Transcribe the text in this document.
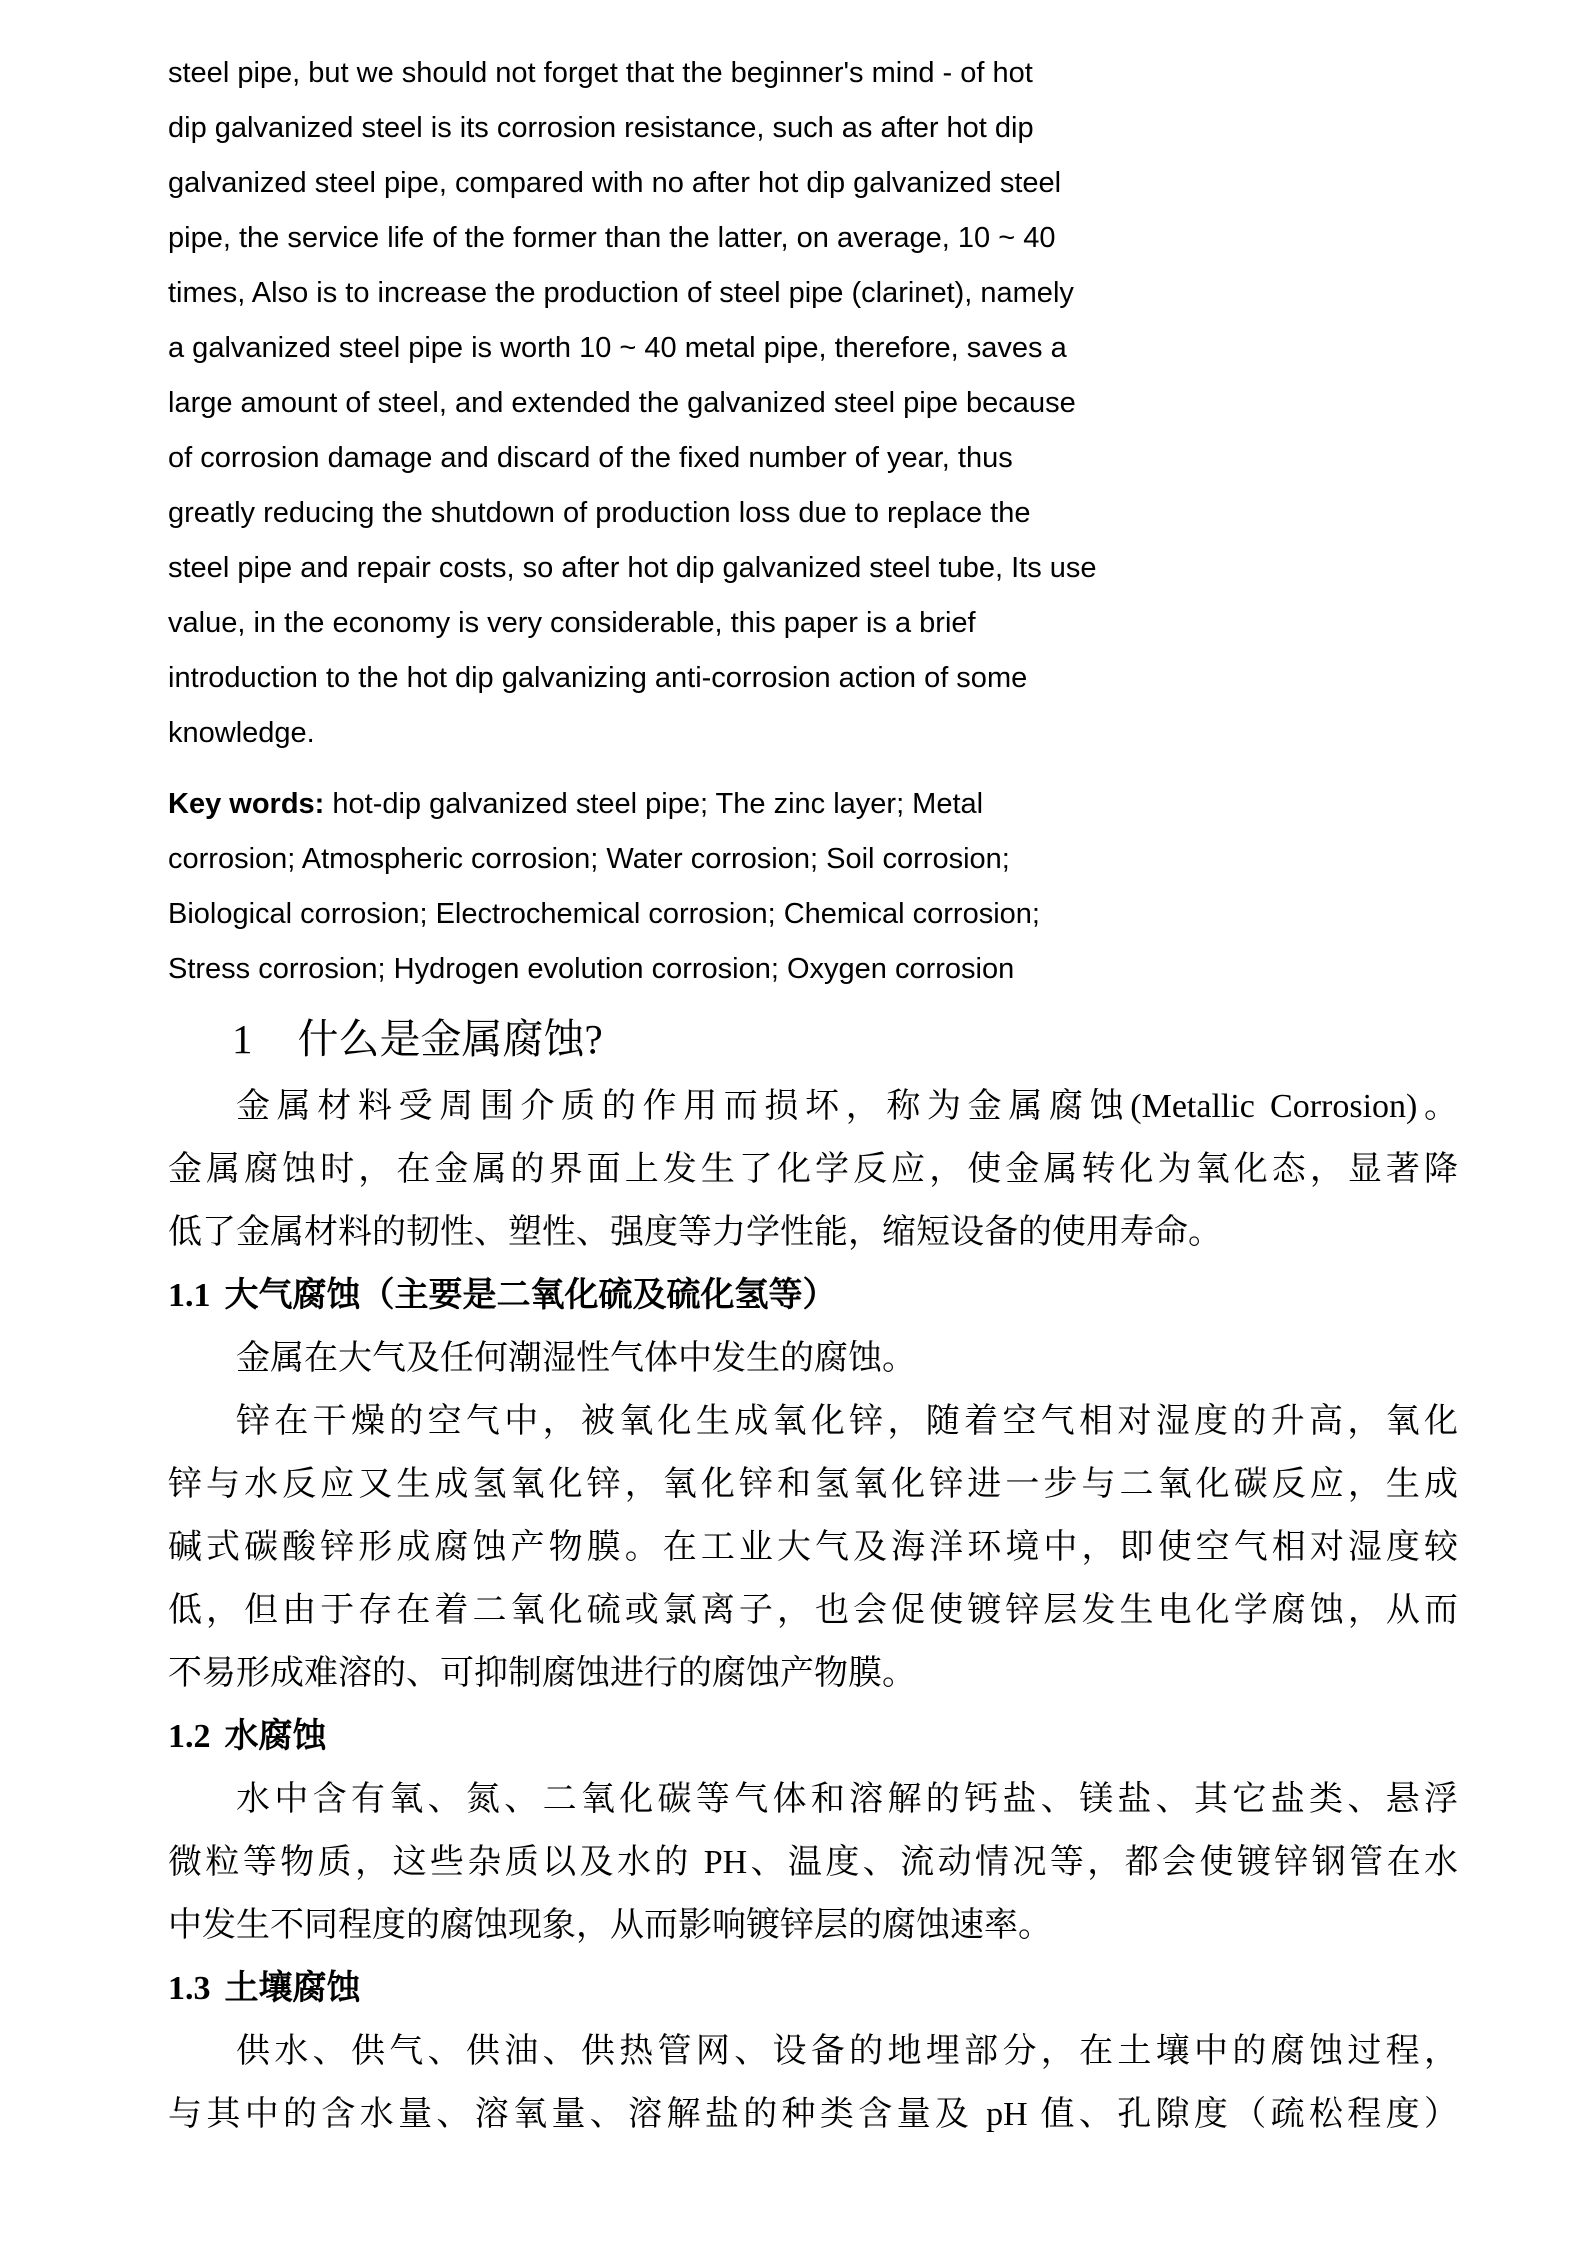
steel pipe, but we should not forget that the beginner's mind - of hot
dip galvanized steel is its corrosion resistance, such as after hot dip
galvanized steel pipe, compared with no after hot dip galvanized steel
pipe, the service life of the former than the latter, on average, 10 ~ 40
times, Also is to increase the production of steel pipe (clarinet), namely
a galvanized steel pipe is worth 10 ~ 40 metal pipe, therefore, saves a
large amount of steel, and extended the galvanized steel pipe because
of corrosion damage and discard of the fixed number of year, thus
greatly reducing the shutdown of production loss due to replace the
steel pipe and repair costs, so after hot dip galvanized steel tube, Its use
value, in the economy is very considerable, this paper is a brief
introduction to the hot dip galvanizing anti-corrosion action of some
knowledge.
Key words: hot-dip galvanized steel pipe; The zinc layer; Metal
corrosion; Atmospheric corrosion; Water corrosion; Soil corrosion;
Biological corrosion; Electrochemical corrosion; Chemical corrosion;
Stress corrosion; Hydrogen evolution corrosion; Oxygen corrosion
1 什么是金属腐蚀?
金属材料受周围介质的作用而损坏，称为金属腐蚀(Metallic Corrosion)。
金属腐蚀时，在金属的界面上发生了化学反应，使金属转化为氧化态，显著降
低了金属材料的韧性、塑性、强度等力学性能，缩短设备的使用寿命。
1.1 大气腐蚀（主要是二氧化硫及硫化氢等）
金属在大气及任何潮湿性气体中发生的腐蚀。
锌在干燥的空气中，被氧化生成氧化锌，随着空气相对湿度的升高，氧化
锌与水反应又生成氢氧化锌，氧化锌和氢氧化锌进一步与二氧化碳反应，生成
碱式碳酸锌形成腐蚀产物膜。在工业大气及海洋环境中，即使空气相对湿度较
低，但由于存在着二氧化硫或氯离子，也会促使镀锌层发生电化学腐蚀，从而
不易形成难溶的、可抑制腐蚀进行的腐蚀产物膜。
1.2 水腐蚀
水中含有氧、氮、二氧化碳等气体和溶解的钙盐、镁盐、其它盐类、悬浮
微粒等物质，这些杂质以及水的 PH、温度、流动情况等，都会使镀锌钢管在水
中发生不同程度的腐蚀现象，从而影响镀锌层的腐蚀速率。
1.3 土壤腐蚀
供水、供气、供油、供热管网、设备的地埋部分，在土壤中的腐蚀过程，
与其中的含水量、溶氧量、溶解盐的种类含量及 pH 值、孔隙度（疏松程度）
